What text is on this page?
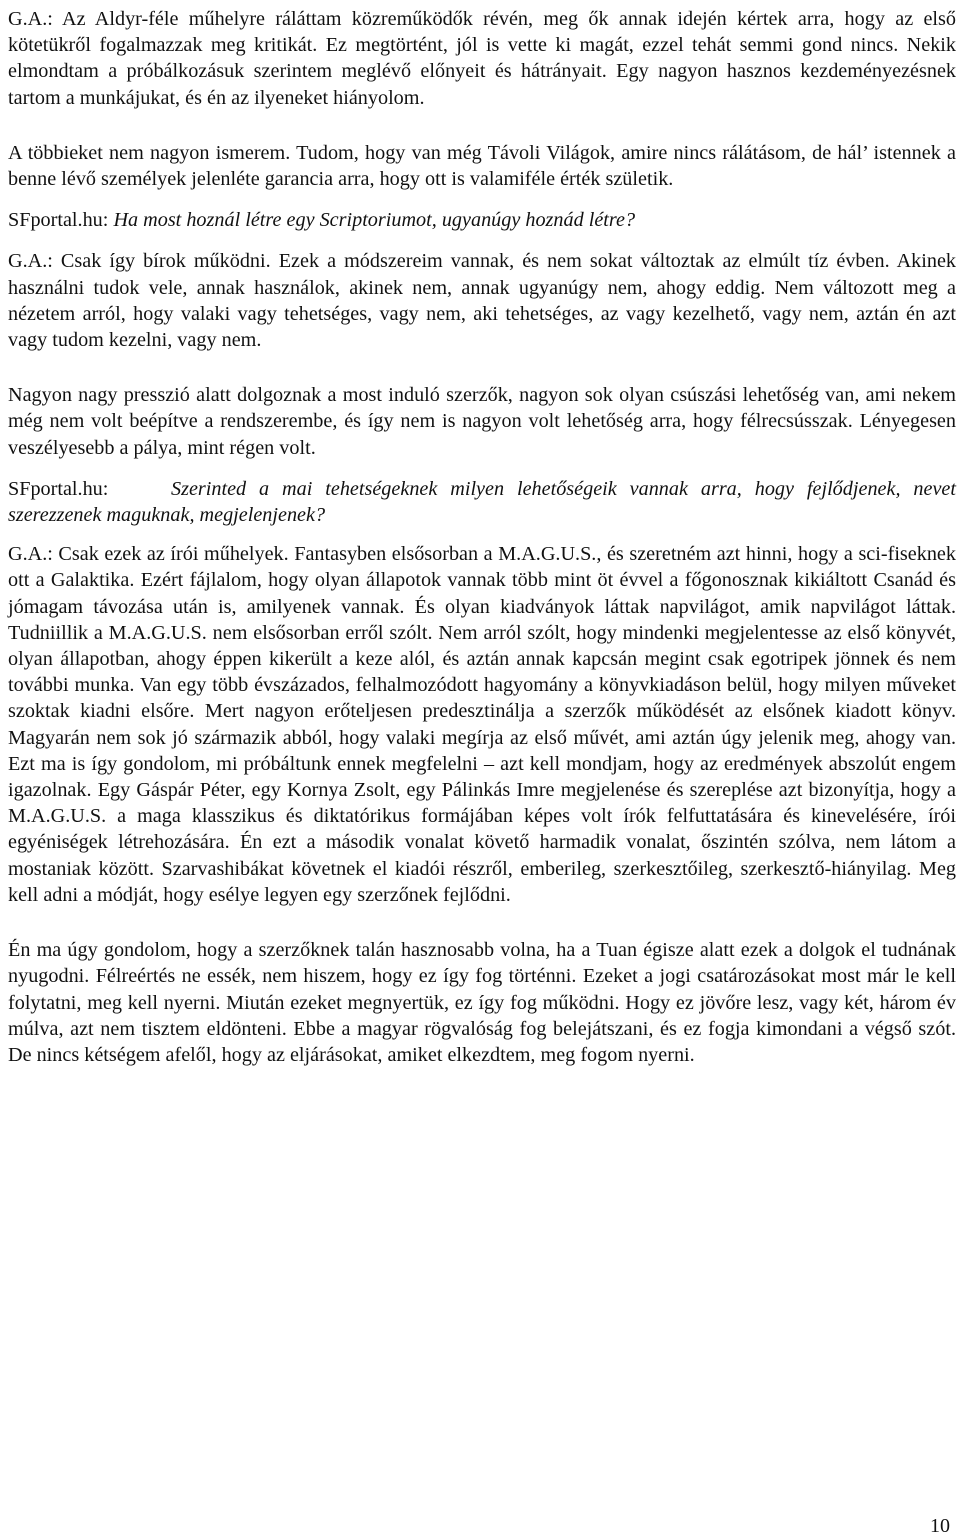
G.A.: Az Aldyr-féle műhelyre ráláttam közreműködők révén, meg ők annak idején kértek arra, hogy az első kötetükről fogalmazzak meg kritikát. Ez megtörtént, jól is vette ki magát, ezzel tehát semmi gond nincs. Nekik elmondtam a próbálkozásuk szerintem meglévő előnyeit és hátrányait. Egy nagyon hasznos kezdeményezésnek tartom a munkájukat, és én az ilyeneket hiányolom.

A többieket nem nagyon ismerem. Tudom, hogy van még Távoli Világok, amire nincs rálátásom, de hál’ istennek a benne lévő személyek jelenléte garancia arra, hogy ott is valamiféle érték születik.

SFportal.hu: Ha most hoznál létre egy Scriptoriumot, ugyanúgy hoznád létre?

G.A.: Csak így bírok működni. Ezek a módszereim vannak, és nem sokat változtak az elmúlt tíz évben. Akinek használni tudok vele, annak használok, akinek nem, annak ugyanúgy nem, ahogy eddig. Nem változott meg a nézetem arról, hogy valaki vagy tehetséges, vagy nem, aki tehetséges, az vagy kezelhető, vagy nem, aztán én azt vagy tudom kezelni, vagy nem.

Nagyon nagy presszió alatt dolgoznak a most induló szerzők, nagyon sok olyan csúszási lehetőség van, ami nekem még nem volt beépítve a rendszerembe, és így nem is nagyon volt lehetőség arra, hogy félrecsússzak. Lényegesen veszélyesebb a pálya, mint régen volt.

SFportal.hu:	Szerinted a mai tehetségeknek milyen lehetőségeik vannak arra, hogy fejlődjenek, nevet szerezzenek maguknak, megjelenjenek?

G.A.: Csak ezek az írói műhelyek. Fantasyben elsősorban a M.A.G.U.S., és szeretném azt hinni, hogy a sci-fiseknek ott a Galaktika. Ezért fájlalom, hogy olyan állapotok vannak több mint öt évvel a főgonosznak kikiáltott Csanád és jómagam távozása után is, amilyenek vannak. És olyan kiadványok láttak napvilágot, amik napvilágot láttak. Tudniillik a M.A.G.U.S. nem elsősorban erről szólt. Nem arról szólt, hogy mindenki megjelentesse az első könyvét, olyan állapotban, ahogy éppen kikerült a keze alól, és aztán annak kapcsán megint csak egotripek jönnek és nem további munka. Van egy több évszázados, felhalmozódott hagyomány a könyvkiadáson belül, hogy milyen műveket szoktak kiadni elsőre. Mert nagyon erőteljesen predesztinálja a szerzők működését az elsőnek kiadott könyv. Magyarán nem sok jó származik abból, hogy valaki megírja az első művét, ami aztán úgy jelenik meg, ahogy van. Ezt ma is így gondolom, mi próbáltunk ennek megfelelni – azt kell mondjam, hogy az eredmények abszolút engem igazolnak. Egy Gáspár Péter, egy Kornya Zsolt, egy Pálinkás Imre megjelenése és szereplése azt bizonyítja, hogy a M.A.G.U.S. a maga klasszikus és diktatórikus formájában képes volt írók felfuttatására és kinevelésére, írói egyéniségek létrehozására. Én ezt a második vonalat követő harmadik vonalat, őszintén szólva, nem látom a mostaniak között. Szarvashibákat követnek el kiadói részről, emberileg, szerkesztőileg, szerkesztő-hiányilag. Meg kell adni a módját, hogy esélye legyen egy szerzőnek fejlődni.

Én ma úgy gondolom, hogy a szerzőknek talán hasznosabb volna, ha a Tuan égisze alatt ezek a dolgok el tudnának nyugodni. Félreértés ne essék, nem hiszem, hogy ez így fog történni. Ezeket a jogi csatározásokat most már le kell folytatni, meg kell nyerni. Miután ezeket megnyertük, ez így fog működni. Hogy ez jövőre lesz, vagy két, három év múlva, azt nem tisztem eldönteni. Ebbe a magyar rögvalóság fog belejátszani, és ez fogja kimondani a végső szót. De nincs kétségem afelől, hogy az eljárásokat, amiket elkezdtem, meg fogom nyerni.

10
